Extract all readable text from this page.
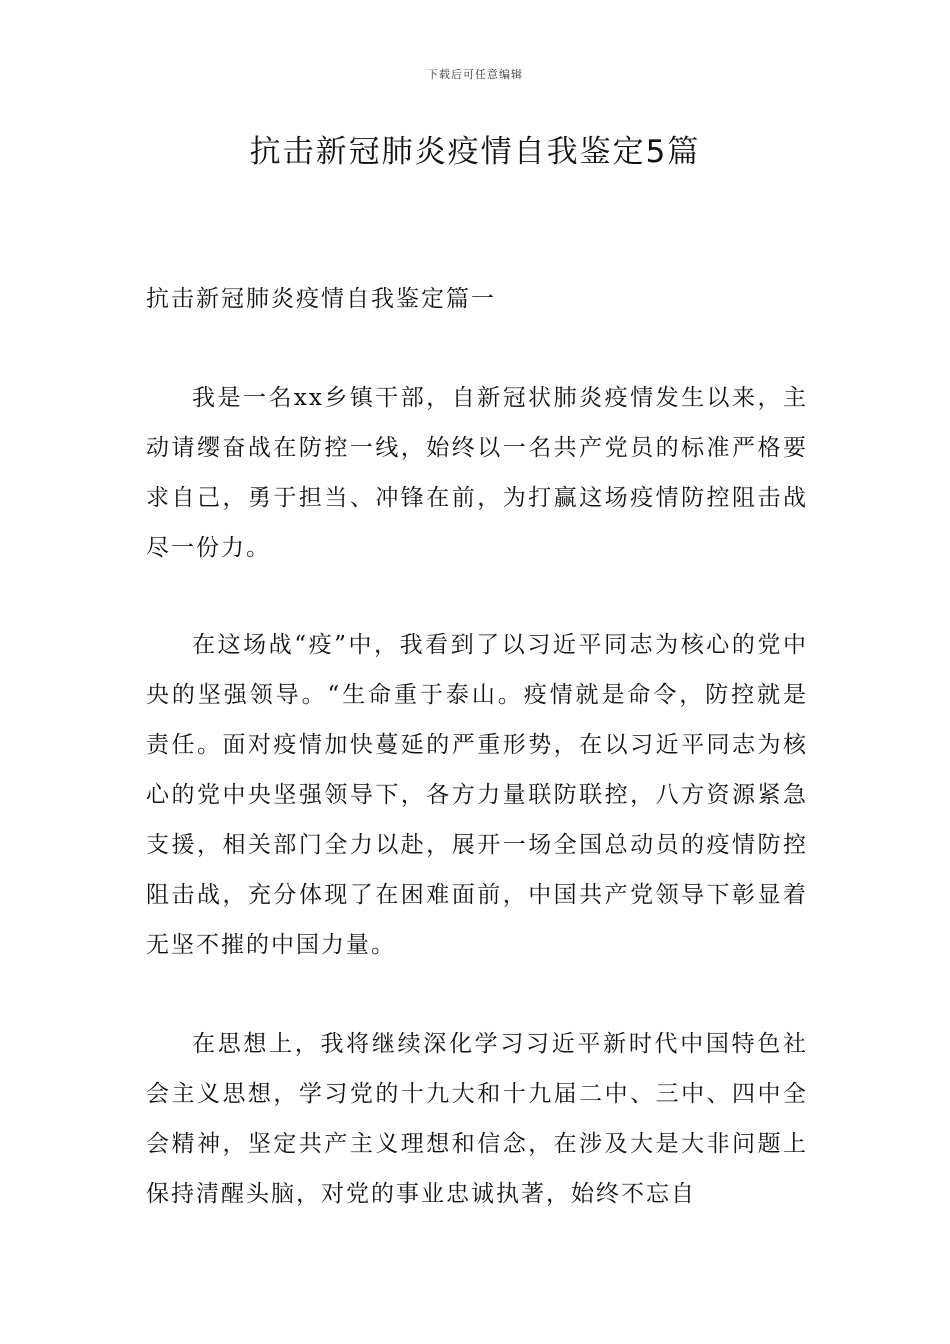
下载后可任意编辑
抗击新冠肺炎疫情自我鉴定5篇
抗击新冠肺炎疫情自我鉴定篇一

我是一名xx乡镇干部，自新冠状肺炎疫情发生以来，主动请缨奋战在防控一线，始终以一名共产党员的标准严格要求自己，勇于担当、冲锋在前，为打赢这场疫情防控阻击战尽一份力。

在这场战“疫”中，我看到了以习近平同志为核心的党中央的坚强领导。“生命重于泰山。疫情就是命令，防控就是责任。面对疫情加快蔓延的严重形势，在以习近平同志为核心的党中央坚强领导下，各方力量联防联控，八方资源紧急支援，相关部门全力以赴，展开一场全国总动员的疫情防控阻击战，充分体现了在困难面前，中国共产党领导下彰显着无坚不摧的中国力量。

在思想上，我将继续深化学习习近平新时代中国特色社会主义思想，学习党的十九大和十九届二中、三中、四中全会精神，坚定共产主义理想和信念，在涉及大是大非问题上保持清醒头脑，对党的事业忠诚执著，始终不忘自
